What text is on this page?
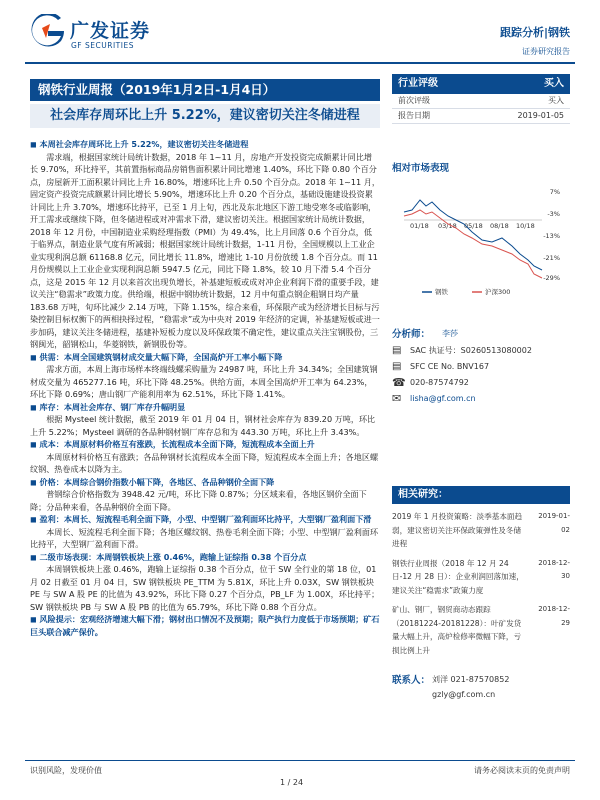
广发证券
GF SECURITIES
跟踪分析|钢铁
证券研究报告
钢铁行业周报（2019年1月2日-1月4日）
社会库存周环比上升 5.22%，建议密切关注冬储进程

◼ 本周社会库存周环比上升 5.22%，建议密切关注冬储进程

需求端，根据国家统计局统计数据，2018 年 1~11 月，房地产开发投资完成额累计同比增长 9.70%，环比持平，其前置指标商品房销售面积累计同比增速 1.40%，环比下降 0.80 个百分点，房屋新开工面积累计同比上升 16.80%，增速环比上升 0.50 个百分点。2018 年 1~11 月，固定资产投资完成额累计同比增长 5.90%，增速环比上升 0.20 个百分点，基础设施建设投资累计同比上升 3.70%，增速环比持平，已至 1 月上旬，西北及东北地区下游工地受寒冬或临影响，开工需求或继续下降，但冬储进程或对冲需求下滑，建议密切关注。根据国家统计局统计数据，2018 年 12 月份，中国制造业采购经理指数（PMI）为 49.4%，比上月回落 0.6 个百分点，低于临界点，制造业景气度有所减弱；根据国家统计局统计数据，1-11 月份，全国规模以上工业企业实现利润总额 61168.8 亿元，同比增长 11.8%，增速比 1-10 月份放缓 1.8 个百分点。而 11 月份规模以上工业企业实现利润总额 5947.5 亿元，同比下降 1.8%，较 10 月下滑 5.4 个百分点，这是 2015 年 12 月以来首次出现负增长，补基建短板或成对冲企业利润下滑的重要手段，建议关注“稳需求”政策力度。供给端，根据中钢协统计数据，12 月中旬重点钢企粗钢日均产量 183.68 万吨，旬环比减少 2.14 万吨，下降 1.15%，综合来看，环保限产或为经济增长目标与污染控制目标权衡下的两相抉择过程，“稳需求”或为中央对 2019 年经济的定调，补基建短板或进一步加码，建议关注冬储进程，基建补短板力度以及环保政策不确定性，建议重点关注宝钢股份，三钢闽光，韶钢松山，华菱钢铁，新钢股份等。

◼ 供需：本周全国建筑钢材成交量大幅下降，全国高炉开工率小幅下降

需求方面，本周上海市场样本终端线螺采购量为 24987 吨，环比上升 34.34%；全国建筑钢材成交量为 465277.16 吨，环比下降 48.25%。供给方面，本周全国高炉开工率为 64.23%，环比下降 0.69%；唐山钢厂产能利用率为 62.51%，环比下降 1.41%。

◼ 库存：本周社会库存、钢厂库存升幅明显

根据 Mysteel 统计数据，截至 2019 年 01 月 04 日，钢材社会库存为 839.20 万吨，环比上升 5.22%；Mysteel 调研的各品种钢材钢厂库存总和为 443.30 万吨，环比上升 3.43%。

◼ 成本：本周原材料价格互有涨跌，长流程成本全面下降，短流程成本全面上升

本周原材料价格互有涨跌；各品种钢材长流程成本全面下降，短流程成本全面上升；各地区螺纹钢、热卷成本以降为主。

◼ 价格：本周综合钢价指数小幅下降，各地区、各品种钢价全面下降

普钢综合价格指数为 3948.42 元/吨，环比下降 0.87%；分区域来看，各地区钢价全面下降；分品种来看，各品种钢价全面下降。

◼ 盈利：本周长、短流程毛利全面下降，小型、中型钢厂盈利面环比持平，大型钢厂盈利面下滑

本周长、短流程毛利全面下降；各地区螺纹钢、热卷毛利全面下降；小型、中型钢厂盈利面环比持平，大型钢厂盈利面下滑。

◼ 二级市场表现：本周钢铁板块上涨 0.46%，跑输上证综指 0.38 个百分点

本周钢铁板块上涨 0.46%，跑输上证综指 0.38 个百分点，位于 SW 全行业的第 18 位，01 月 02 日截至 01 月 04 日，SW 钢铁板块 PE_TTM 为 5.81X，环比上升 0.03X，SW 钢铁板块 PE 与 SW A 股 PE 的比值为 43.92%，环比下降 0.27 个百分点，PB_LF 为 1.00X，环比持平；SW 钢铁板块 PB 与 SW A 股 PB 的比值为 65.79%，环比下降 0.88 个百分点。

◼ 风险提示：宏观经济增速大幅下滑；钢材出口情况不及预期；限产执行力度低于市场预期；矿石巨头联合减产保价。

行业评级	买入
前次评级	买入
报告日期	2019-01-05
相对市场表现
7%
-3%
-13%
-21%
-29%
01/18 03/18 05/18 08/18 10/18
钢铁	沪深300
分析师：	李莎
▤	SAC 执证号：S0260513080002
▤	SFC CE No. BNV167
☎ 020-87574792
✉	lisha@gf.com.cn
相关研究：
2019 年 1 月投资策略：淡季基本面趋弱，建议密切关注环保政策弹性及冬储进程
2019-01-02
钢铁行业周报（2018 年 12 月 24 日-12 月 28 日）：企业利润回落加速，建议关注“稳需求”政策力度
2018-12-30
矿山、钢厂，钢贸商动态跟踪（20181224-20181228）：叶矿发货量大幅上升，高炉检修率微幅下降，亏损比例上升
2018-12-29
联系人： 刘洋 021-87570852
gzly@gf.com.cn
识别风险，发现价值	请务必阅读末页的免责声明
1 / 24
